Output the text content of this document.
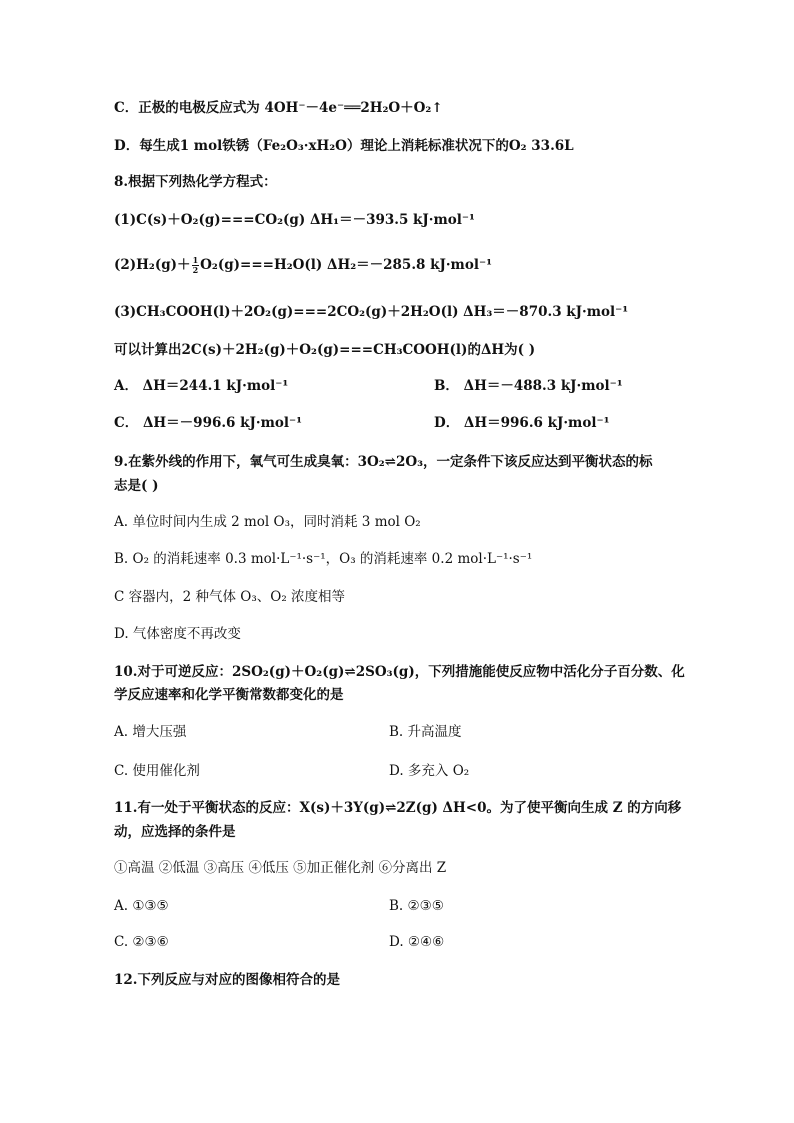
C．正极的电极反应式为 4OH⁻－4e⁻══2H₂O＋O₂↑
D．每生成1 mol铁锈（Fe₂O₃·xH₂O）理论上消耗标准状况下的O₂ 33.6L
8.根据下列热化学方程式：
(1)C(s)＋O₂(g)===CO₂(g) ΔH₁＝－393.5 kJ·mol⁻¹
$(2)H_2(g)+ \frac{1}{2} O_2(g)===H_2O(l)$ ΔH₂＝－285.8 kJ·mol⁻¹
(3)CH₃COOH(l)＋2O₂(g)===2CO₂(g)＋2H₂O(l) ΔH₃＝－870.3 kJ·mol⁻¹
可以计算出2C(s)＋2H₂(g)＋O₂(g)===CH₃COOH(l)的ΔH为( )
A． ΔH＝244.1 kJ·mol⁻¹	B． ΔH＝－488.3 kJ·mol⁻¹
C． ΔH＝－996.6 kJ·mol⁻¹	D． ΔH＝996.6 kJ·mol⁻¹
9.在紫外线的作用下，氧气可生成臭氧：3O₂⇌2O₃，一定条件下该反应达到平衡状态的标
志是( )
A. 单位时间内生成 2 mol O₃，同时消耗 3 mol O₂
B. O₂ 的消耗速率 0.3 mol·L⁻¹·s⁻¹，O₃ 的消耗速率 0.2 mol·L⁻¹·s⁻¹
C 容器内，2 种气体 O₃、O₂ 浓度相等
D. 气体密度不再改变
10.对于可逆反应：2SO₂(g)＋O₂(g)⇌2SO₃(g)，下列措施能使反应物中活化分子百分数、化
学反应速率和化学平衡常数都变化的是
A. 增大压强	B. 升高温度
C. 使用催化剂	D. 多充入 O₂
11.有一处于平衡状态的反应：X(s)＋3Y(g)⇌2Z(g) ΔH<0。为了使平衡向生成 Z 的方向移
动，应选择的条件是
①高温 ②低温 ③高压 ④低压 ⑤加正催化剂 ⑥分离出 Z
A. ①③⑤	B. ②③⑤
C. ②③⑥	D. ②④⑥
12.下列反应与对应的图像相符合的是
